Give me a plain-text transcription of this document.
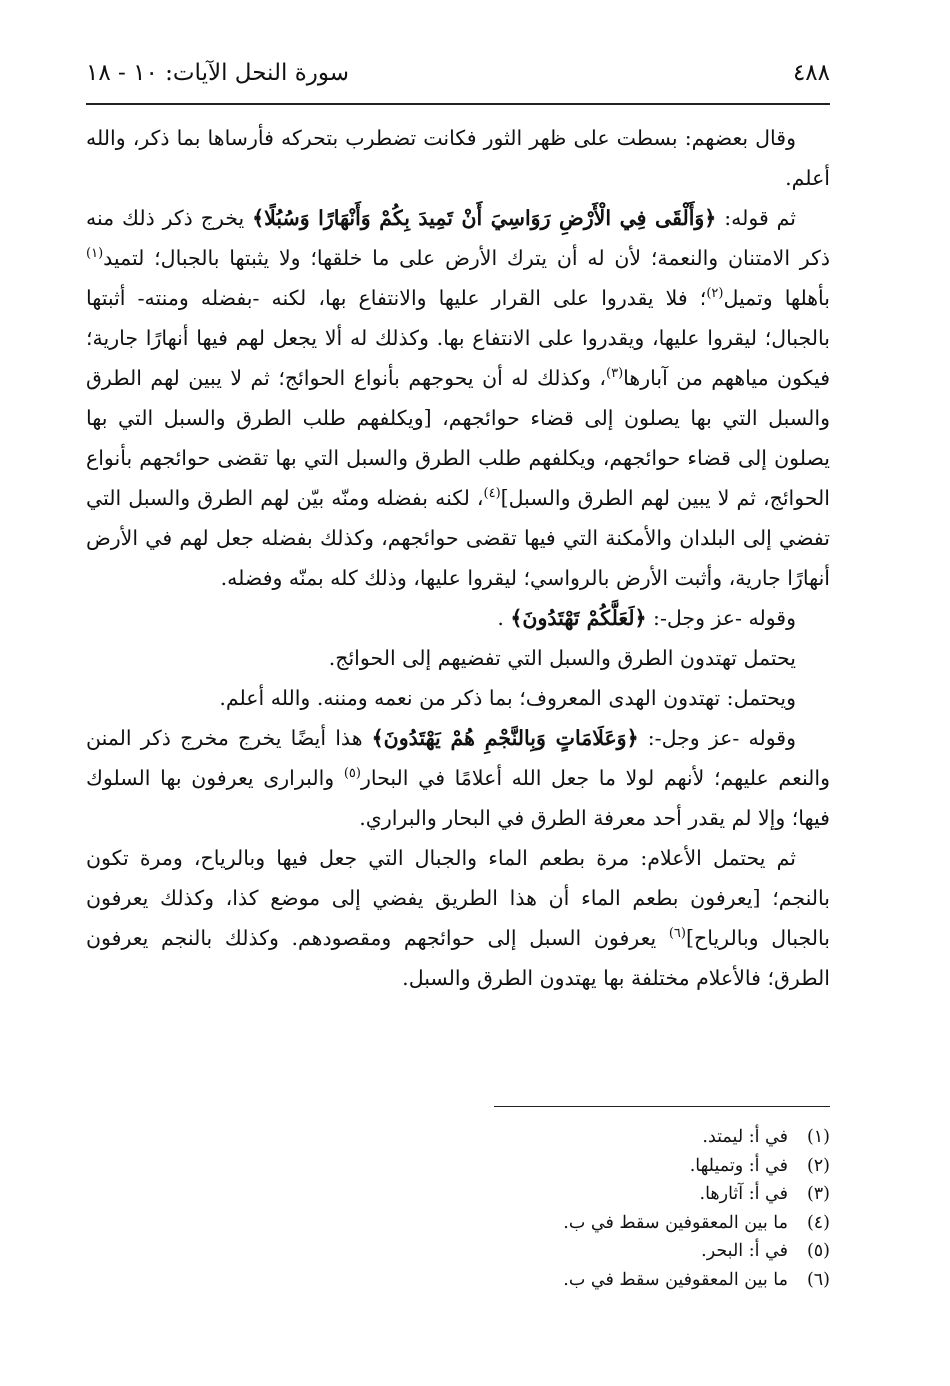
٤٨٨
سورة النحل الآيات: ١٠ - ١٨

وقال بعضهم: بسطت على ظهر الثور فكانت تضطرب بتحركه فأرساها بما ذكر، والله أعلم.

ثم قوله: ﴿وَأَلْقَى فِي الْأَرْضِ رَوَاسِيَ أَنْ تَمِيدَ بِكُمْ وَأَنْهَارًا وَسُبُلًا﴾ يخرج ذكر ذلك منه ذكر الامتنان والنعمة؛ لأن له أن يترك الأرض على ما خلقها؛ ولا يثبتها بالجبال؛ لتميد$^{(١)}$ بأهلها وتميل$^{(٢)}$؛ فلا يقدروا على القرار عليها والانتفاع بها، لكنه -بفضله ومنته- أثبتها بالجبال؛ ليقروا عليها، ويقدروا على الانتفاع بها. وكذلك له ألا يجعل لهم فيها أنهارًا جارية؛ فيكون مياههم من آبارها$^{(٣)}$، وكذلك له أن يحوجهم بأنواع الحوائج؛ ثم لا يبين لهم الطرق والسبل التي بها يصلون إلى قضاء حوائجهم، [ويكلفهم طلب الطرق والسبل التي بها يصلون إلى قضاء حوائجهم، ويكلفهم طلب الطرق والسبل التي بها تقضى حوائجهم بأنواع الحوائج، ثم لا يبين لهم الطرق والسبل]$^{(٤)}$، لكنه بفضله ومنّه بيّن لهم الطرق والسبل التي تفضي إلى البلدان والأمكنة التي فيها تقضى حوائجهم، وكذلك بفضله جعل لهم في الأرض أنهارًا جارية، وأثبت الأرض بالرواسي؛ ليقروا عليها، وذلك كله بمنّه وفضله.

وقوله -عز وجل-: ﴿لَعَلَّكُمْ تَهْتَدُونَ﴾ .

يحتمل تهتدون الطرق والسبل التي تفضيهم إلى الحوائج.

ويحتمل: تهتدون الهدى المعروف؛ بما ذكر من نعمه ومننه. والله أعلم.

وقوله -عز وجل-: ﴿وَعَلَامَاتٍ وَبِالنَّجْمِ هُمْ يَهْتَدُونَ﴾ هذا أيضًا يخرج مخرج ذكر المنن والنعم عليهم؛ لأنهم لولا ما جعل الله أعلامًا في البحار$^{(٥)}$ والبرارى يعرفون بها السلوك فيها؛ وإلا لم يقدر أحد معرفة الطرق في البحار والبراري.

ثم يحتمل الأعلام: مرة بطعم الماء والجبال التي جعل فيها وبالرياح، ومرة تكون بالنجم؛ [يعرفون بطعم الماء أن هذا الطريق يفضي إلى موضع كذا، وكذلك يعرفون بالجبال وبالرياح]$^{(٦)}$ يعرفون السبل إلى حوائجهم ومقصودهم. وكذلك بالنجم يعرفون الطرق؛ فالأعلام مختلفة بها يهتدون الطرق والسبل.

(١)في أ: ليمتد.
(٢)في أ: وتميلها.
(٣)في أ: آثارها.
(٤)ما بين المعقوفين سقط في ب.
(٥)في أ: البحر.
(٦)ما بين المعقوفين سقط في ب.
